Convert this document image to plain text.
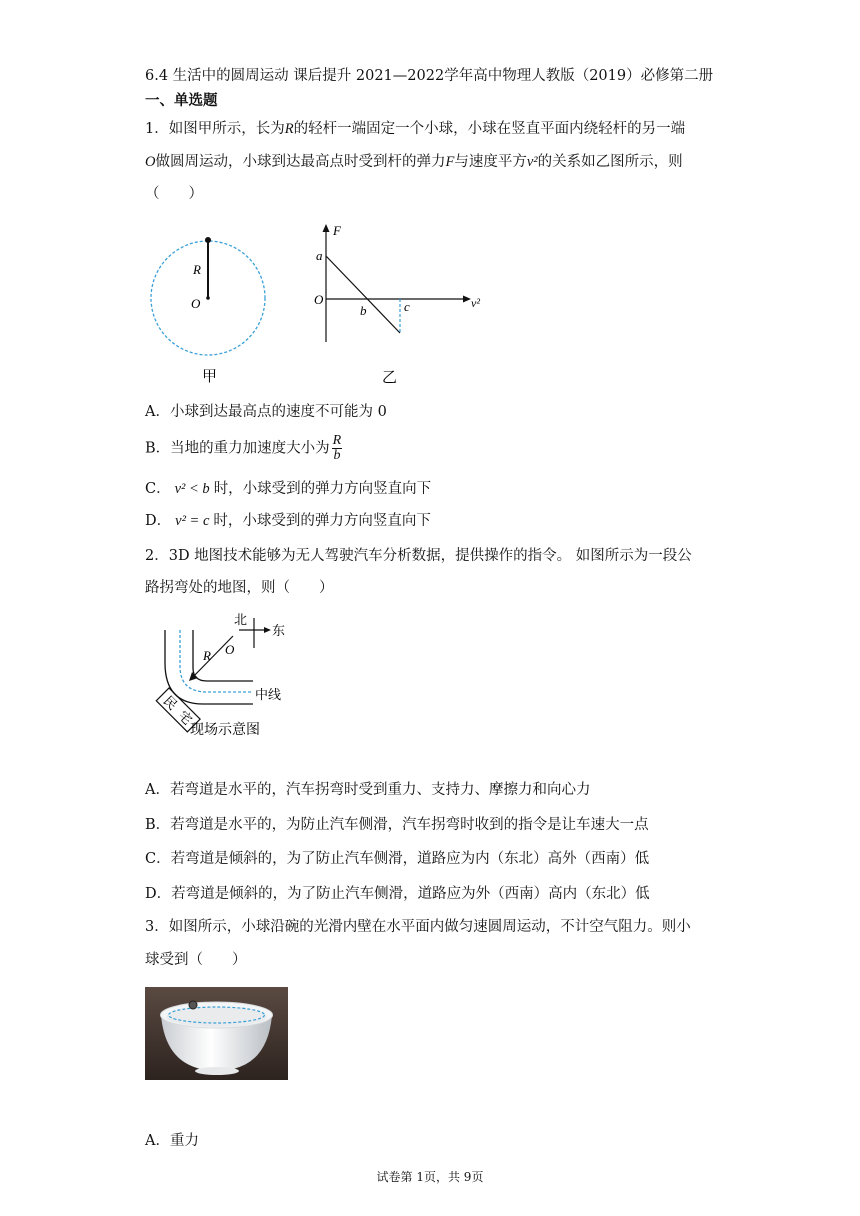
6.4 生活中的圆周运动 课后提升 2021—2022学年高中物理人教版（2019）必修第二册
一、单选题
1．如图甲所示，长为R的轻杆一端固定一个小球，小球在竖直平面内绕轻杆的另一端
O做圆周运动，小球到达最高点时受到杆的弹力F与速度平方v²的关系如乙图所示，则
（　　）
R
O
甲
F
v²
a
O
b	c
乙
A．小球到达最高点的速度不可能为 0
B．当地的重力加速度大小为 $\frac{R}{b}$
C． v² < b 时，小球受到的弹力方向竖直向下
D． v² = c 时，小球受到的弹力方向竖直向下
2．3D 地图技术能够为无人驾驶汽车分析数据，提供操作的指令。 如图所示为一段公
路拐弯处的地图，则（　　）
R O
北
东
中线
民
宅
现场示意图
A．若弯道是水平的，汽车拐弯时受到重力、支持力、摩擦力和向心力
B．若弯道是水平的，为防止汽车侧滑，汽车拐弯时收到的指令是让车速大一点
C．若弯道是倾斜的，为了防止汽车侧滑，道路应为内（东北）高外（西南）低
D．若弯道是倾斜的，为了防止汽车侧滑，道路应为外（西南）高内（东北）低
3．如图所示，小球沿碗的光滑内壁在水平面内做匀速圆周运动，不计空气阻力。则小
球受到（　　）
A．重力
试卷第 1页，共 9页
